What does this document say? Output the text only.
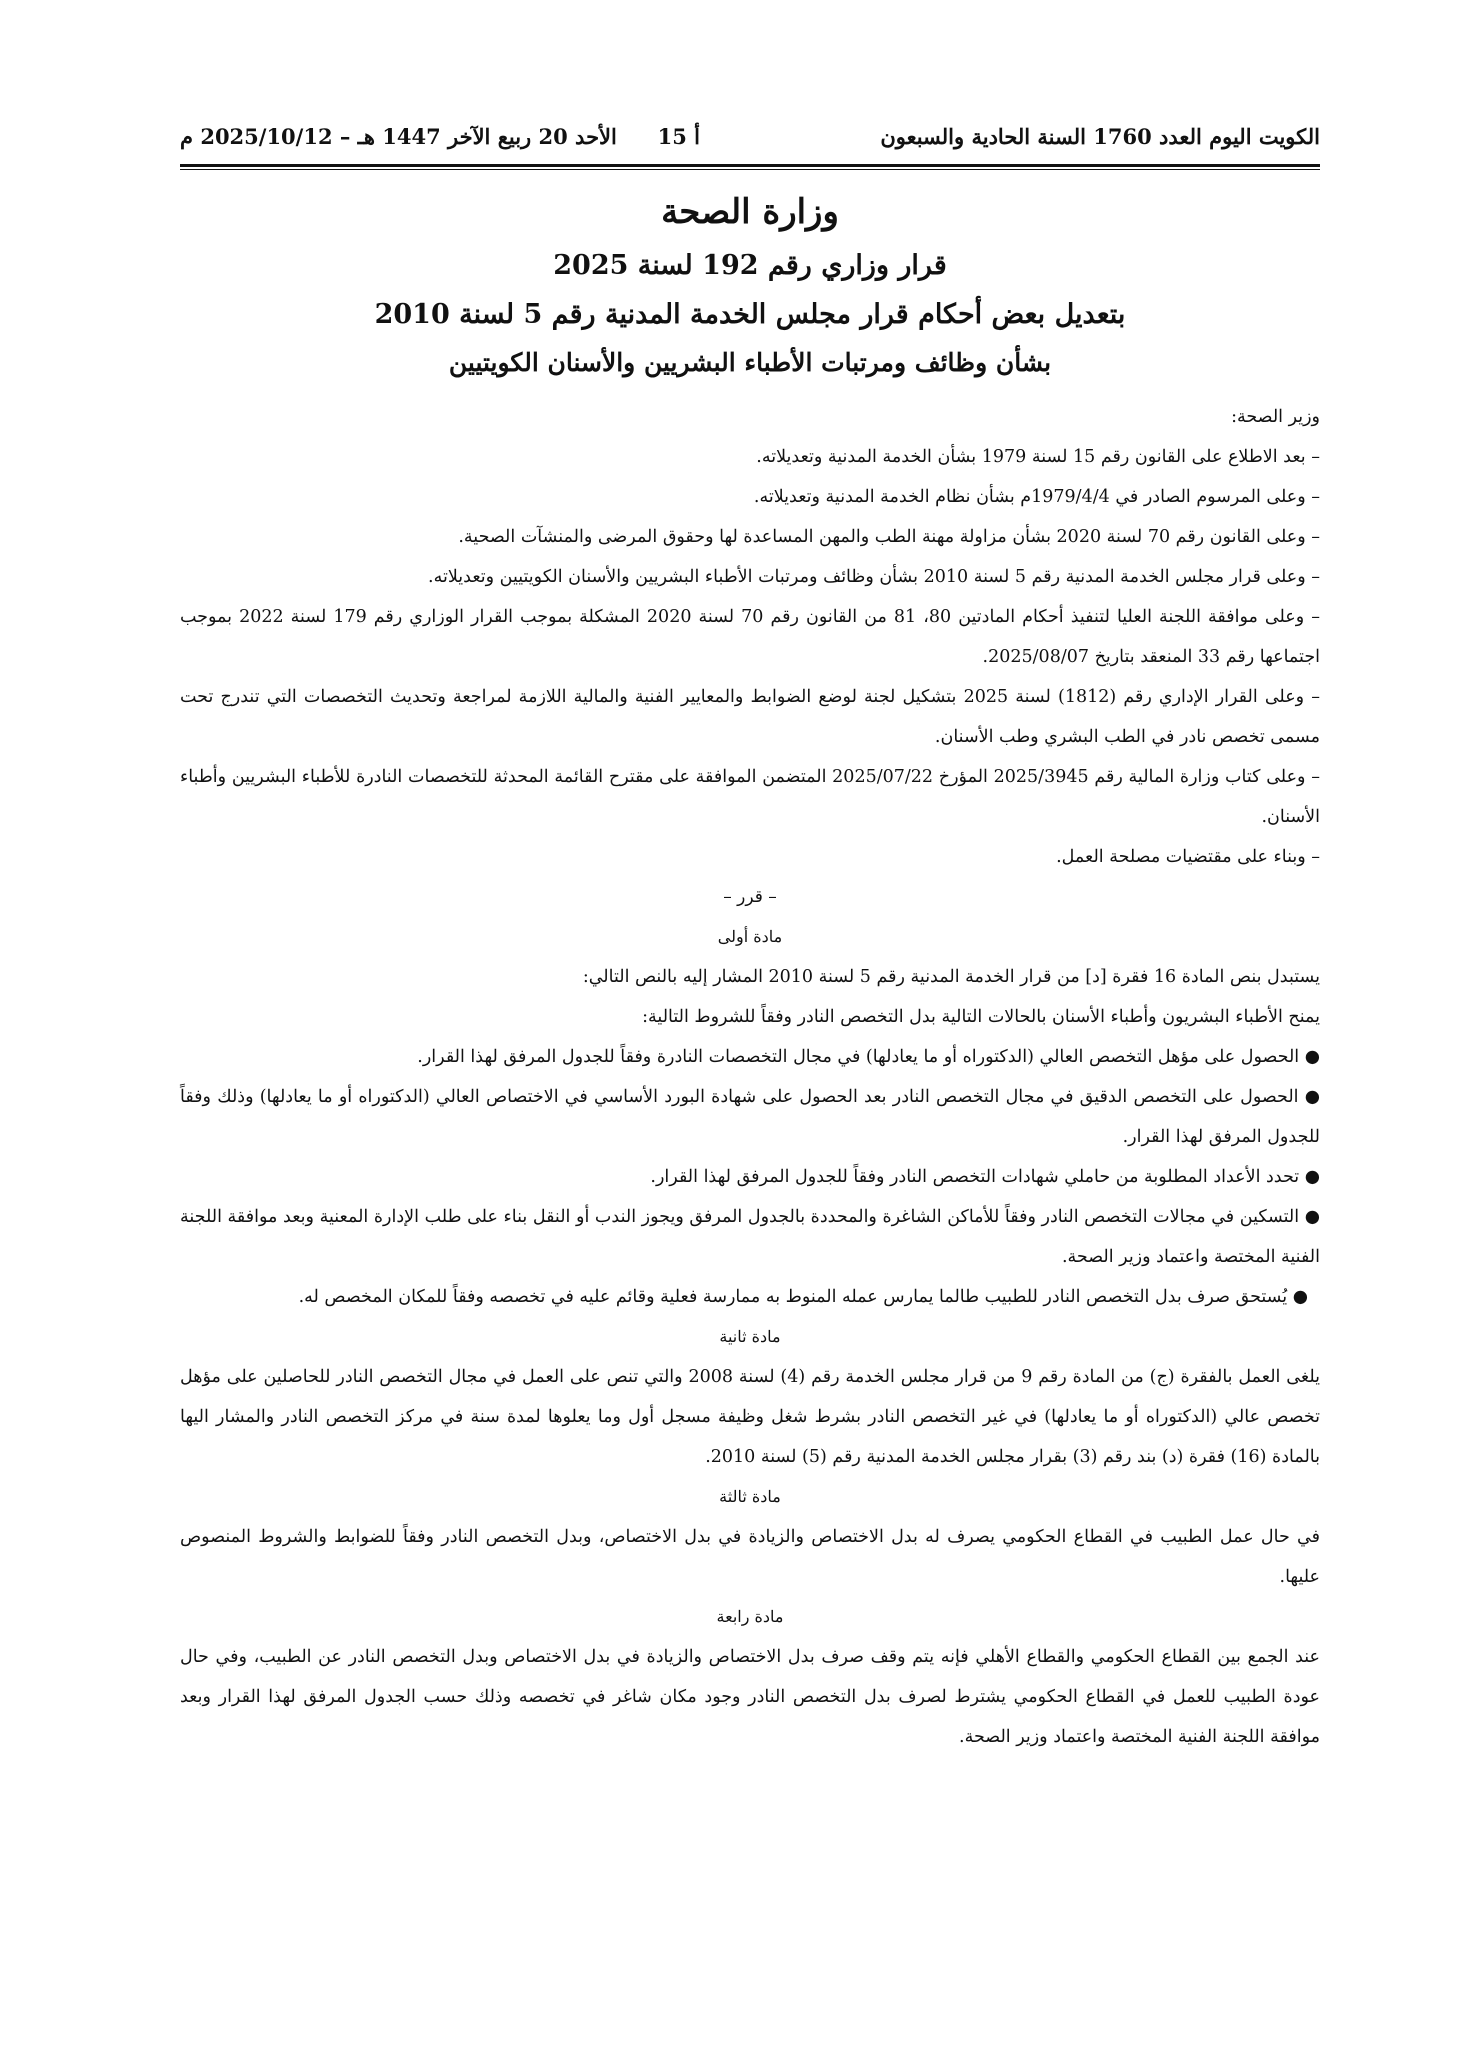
الكويت اليوم العدد 1760 السنة الحادية والسبعون
أ 15
الأحد 20 ربيع الآخر 1447 هـ – 2025/10/12 م
وزارة الصحة
قرار وزاري رقم 192 لسنة 2025
بتعديل بعض أحكام قرار مجلس الخدمة المدنية رقم 5 لسنة 2010
بشأن وظائف ومرتبات الأطباء البشريين والأسنان الكويتيين

وزير الصحة:

– بعد الاطلاع على القانون رقم 15 لسنة 1979 بشأن الخدمة المدنية وتعديلاته.

– وعلى المرسوم الصادر في 1979/4/4م بشأن نظام الخدمة المدنية وتعديلاته.

– وعلى القانون رقم 70 لسنة 2020 بشأن مزاولة مهنة الطب والمهن المساعدة لها وحقوق المرضى والمنشآت الصحية.

– وعلى قرار مجلس الخدمة المدنية رقم 5 لسنة 2010 بشأن وظائف ومرتبات الأطباء البشريين والأسنان الكويتيين وتعديلاته.

– وعلى موافقة اللجنة العليا لتنفيذ أحكام المادتين 80، 81 من القانون رقم 70 لسنة 2020 المشكلة بموجب القرار الوزاري رقم 179 لسنة 2022 بموجب اجتماعها رقم 33 المنعقد بتاريخ 2025/08/07.

– وعلى القرار الإداري رقم (1812) لسنة 2025 بتشكيل لجنة لوضع الضوابط والمعايير الفنية والمالية اللازمة لمراجعة وتحديث التخصصات التي تندرج تحت مسمى تخصص نادر في الطب البشري وطب الأسنان.

– وعلى كتاب وزارة المالية رقم 2025/3945 المؤرخ 2025/07/22 المتضمن الموافقة على مقترح القائمة المحدثة للتخصصات النادرة للأطباء البشريين وأطباء الأسنان.

– وبناء على مقتضيات مصلحة العمل.

– قرر –
مادة أولى

يستبدل بنص المادة 16 فقرة [د] من قرار الخدمة المدنية رقم 5 لسنة 2010 المشار إليه بالنص التالي:

يمنح الأطباء البشريون وأطباء الأسنان بالحالات التالية بدل التخصص النادر وفقاً للشروط التالية:

● الحصول على مؤهل التخصص العالي (الدكتوراه أو ما يعادلها) في مجال التخصصات النادرة وفقاً للجدول المرفق لهذا القرار.

● الحصول على التخصص الدقيق في مجال التخصص النادر بعد الحصول على شهادة البورد الأساسي في الاختصاص العالي (الدكتوراه أو ما يعادلها) وذلك وفقاً للجدول المرفق لهذا القرار.

● تحدد الأعداد المطلوبة من حاملي شهادات التخصص النادر وفقاً للجدول المرفق لهذا القرار.

● التسكين في مجالات التخصص النادر وفقاً للأماكن الشاغرة والمحددة بالجدول المرفق ويجوز الندب أو النقل بناء على طلب الإدارة المعنية وبعد موافقة اللجنة الفنية المختصة واعتماد وزير الصحة.

● يُستحق صرف بدل التخصص النادر للطبيب طالما يمارس عمله المنوط به ممارسة فعلية وقائم عليه في تخصصه وفقاً للمكان المخصص له.

مادة ثانية

يلغى العمل بالفقرة (ج) من المادة رقم 9 من قرار مجلس الخدمة رقم (4) لسنة 2008 والتي تنص على العمل في مجال التخصص النادر للحاصلين على مؤهل تخصص عالي (الدكتوراه أو ما يعادلها) في غير التخصص النادر بشرط شغل وظيفة مسجل أول وما يعلوها لمدة سنة في مركز التخصص النادر والمشار اليها بالمادة (16) فقرة (د) بند رقم (3) بقرار مجلس الخدمة المدنية رقم (5) لسنة 2010.

مادة ثالثة

في حال عمل الطبيب في القطاع الحكومي يصرف له بدل الاختصاص والزيادة في بدل الاختصاص، وبدل التخصص النادر وفقاً للضوابط والشروط المنصوص عليها.

مادة رابعة

عند الجمع بين القطاع الحكومي والقطاع الأهلي فإنه يتم وقف صرف بدل الاختصاص والزيادة في بدل الاختصاص وبدل التخصص النادر عن الطبيب، وفي حال عودة الطبيب للعمل في القطاع الحكومي يشترط لصرف بدل التخصص النادر وجود مكان شاغر في تخصصه وذلك حسب الجدول المرفق لهذا القرار وبعد موافقة اللجنة الفنية المختصة واعتماد وزير الصحة.
